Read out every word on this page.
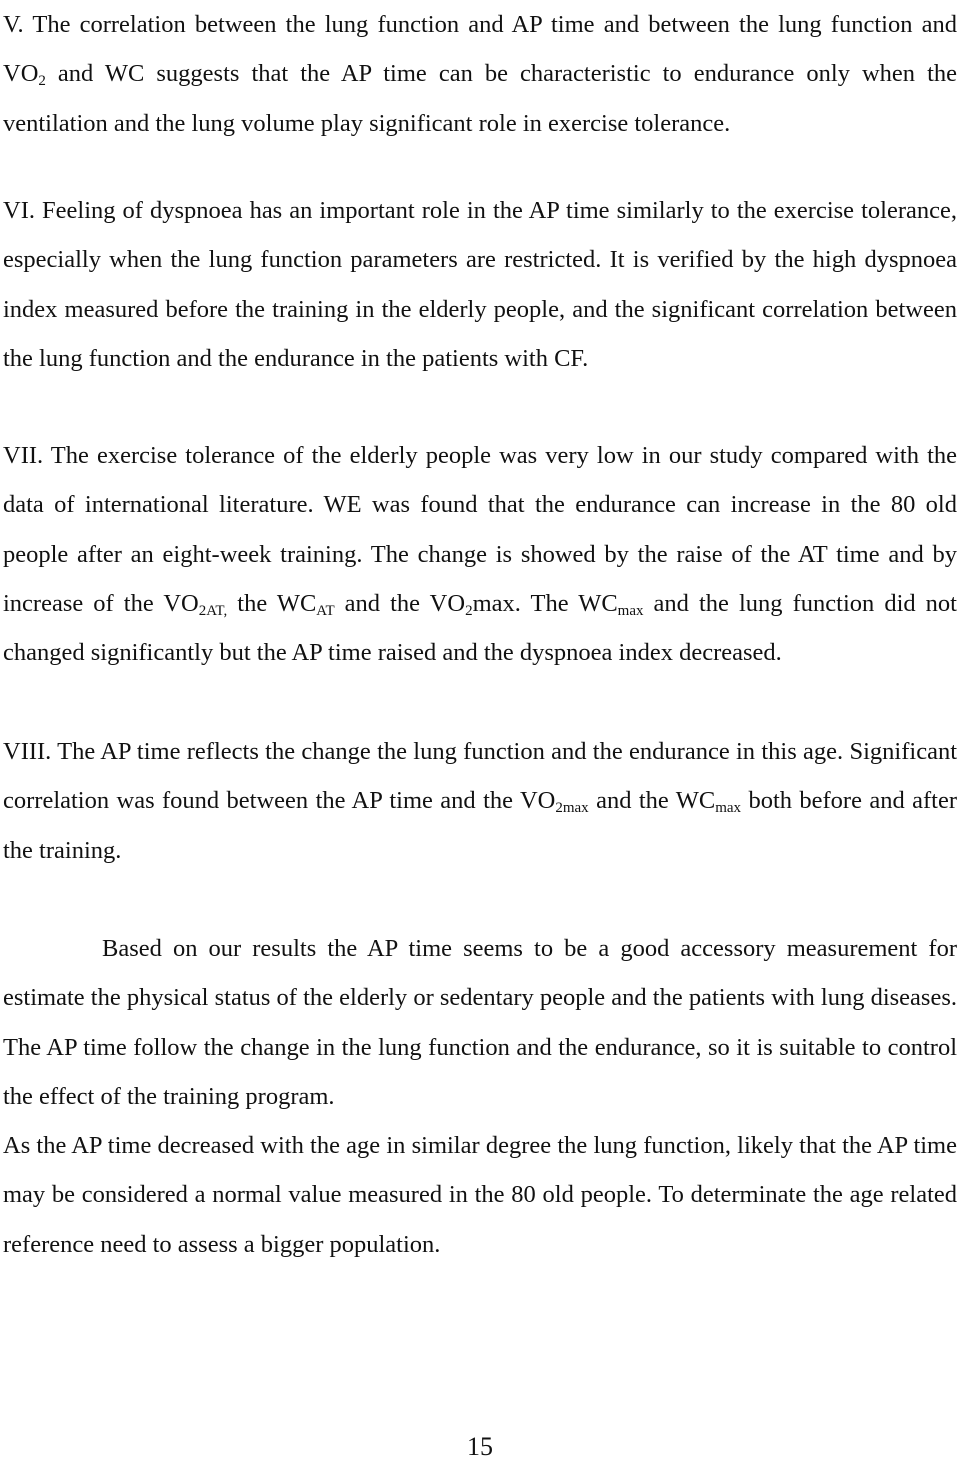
V. The correlation between the lung function and AP time and between the lung function and $VO_2$ and WC suggests that the AP time can be characteristic to endurance only when the ventilation and the lung volume play significant role in exercise tolerance.

VI. Feeling of dyspnoea has an important role in the AP time similarly to the exercise tolerance, especially when the lung function parameters are restricted. It is verified by the high dyspnoea index measured before the training in the elderly people, and the significant correlation between the lung function and the endurance in the patients with CF.

VII. The exercise tolerance of the elderly people was very low in our study compared with the data of international literature. WE was found that the endurance can increase in the 80 old people after an eight-week training. The change is showed by the raise of the AT time and by increase of the $VO_{2AT,}$ the $WC_{AT}$ and the $VO_2\max$. The $WC_{max}$ and the lung function did not changed significantly but the AP time raised and the dyspnoea index decreased.

VIII. The AP time reflects the change the lung function and the endurance in this age. Significant correlation was found between the AP time and the $VO_{2max}$ and the $WC_{max}$ both before and after the training.

Based on our results the AP time seems to be a good accessory measurement for estimate the physical status of the elderly or sedentary people and the patients with lung diseases. The AP time follow the change in the lung function and the endurance, so it is suitable to control the effect of the training program.

As the AP time decreased with the age in similar degree the lung function, likely that the AP time may be considered a normal value measured in the 80 old people. To determinate the age related reference need to assess a bigger population.

15
